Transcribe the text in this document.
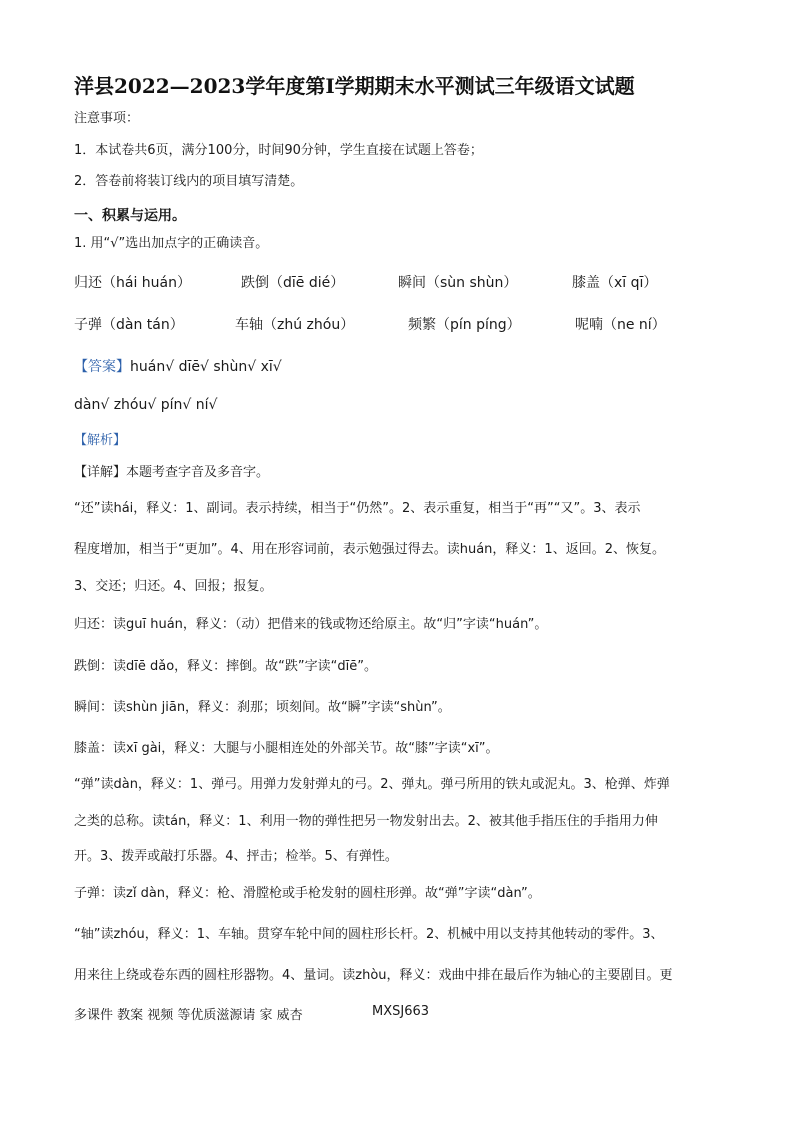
洋县2022—2023学年度第Ⅰ学期期末水平测试三年级语文试题
注意事项：
1．本试卷共6页，满分100分，时间90分钟，学生直接在试题上答卷；
2．答卷前将装订线内的项目填写清楚。
一、积累与运用。
1. 用“√”选出加点字的正确读音。
归还（hái huán）	跌倒（dīē dié）	瞬间（sùn shùn）	膝盖（xī qī）
子弹（dàn tán）	车轴（zhú zhóu）	频繁（pín píng）	呢喃（ne ní）
【答案】huán√ dīē√ shùn√ xī√
dàn√ zhóu√ pín√ ní√
【解析】
【详解】本题考查字音及多音字。
“还”读hái，释义：1、副词。表示持续，相当于“仍然”。2、表示重复，相当于“再”“又”。3、表示
程度增加，相当于“更加”。4、用在形容词前，表示勉强过得去。读huán，释义：1、返回。2、恢复。
3、交还；归还。4、回报；报复。
归还：读guī huán，释义：（动）把借来的钱或物还给原主。故“归”字读“huán”。
跌倒：读dīē dǎo，释义：摔倒。故“跌”字读“dīē”。
瞬间：读shùn jiān，释义：刹那；顷刻间。故“瞬”字读“shùn”。
膝盖：读xī gài，释义：大腿与小腿相连处的外部关节。故“膝”字读“xī”。
“弹”读dàn，释义：1、弹弓。用弹力发射弹丸的弓。2、弹丸。弹弓所用的铁丸或泥丸。3、枪弹、炸弹
之类的总称。读tán，释义：1、利用一物的弹性把另一物发射出去。2、被其他手指压住的手指用力伸
开。3、拨弄或敲打乐器。4、抨击；检举。5、有弹性。
子弹：读zǐ dàn，释义：枪、滑膛枪或手枪发射的圆柱形弹。故“弹”字读“dàn”。
“轴”读zhóu，释义：1、车轴。贯穿车轮中间的圆柱形长杆。2、机械中用以支持其他转动的零件。3、
用来往上绕或卷东西的圆柱形器物。4、量词。读zhòu，释义：戏曲中排在最后作为轴心的主要剧目。更
多课件 教案 视频 等优质滋源请 家 威杏	MXSJ663
